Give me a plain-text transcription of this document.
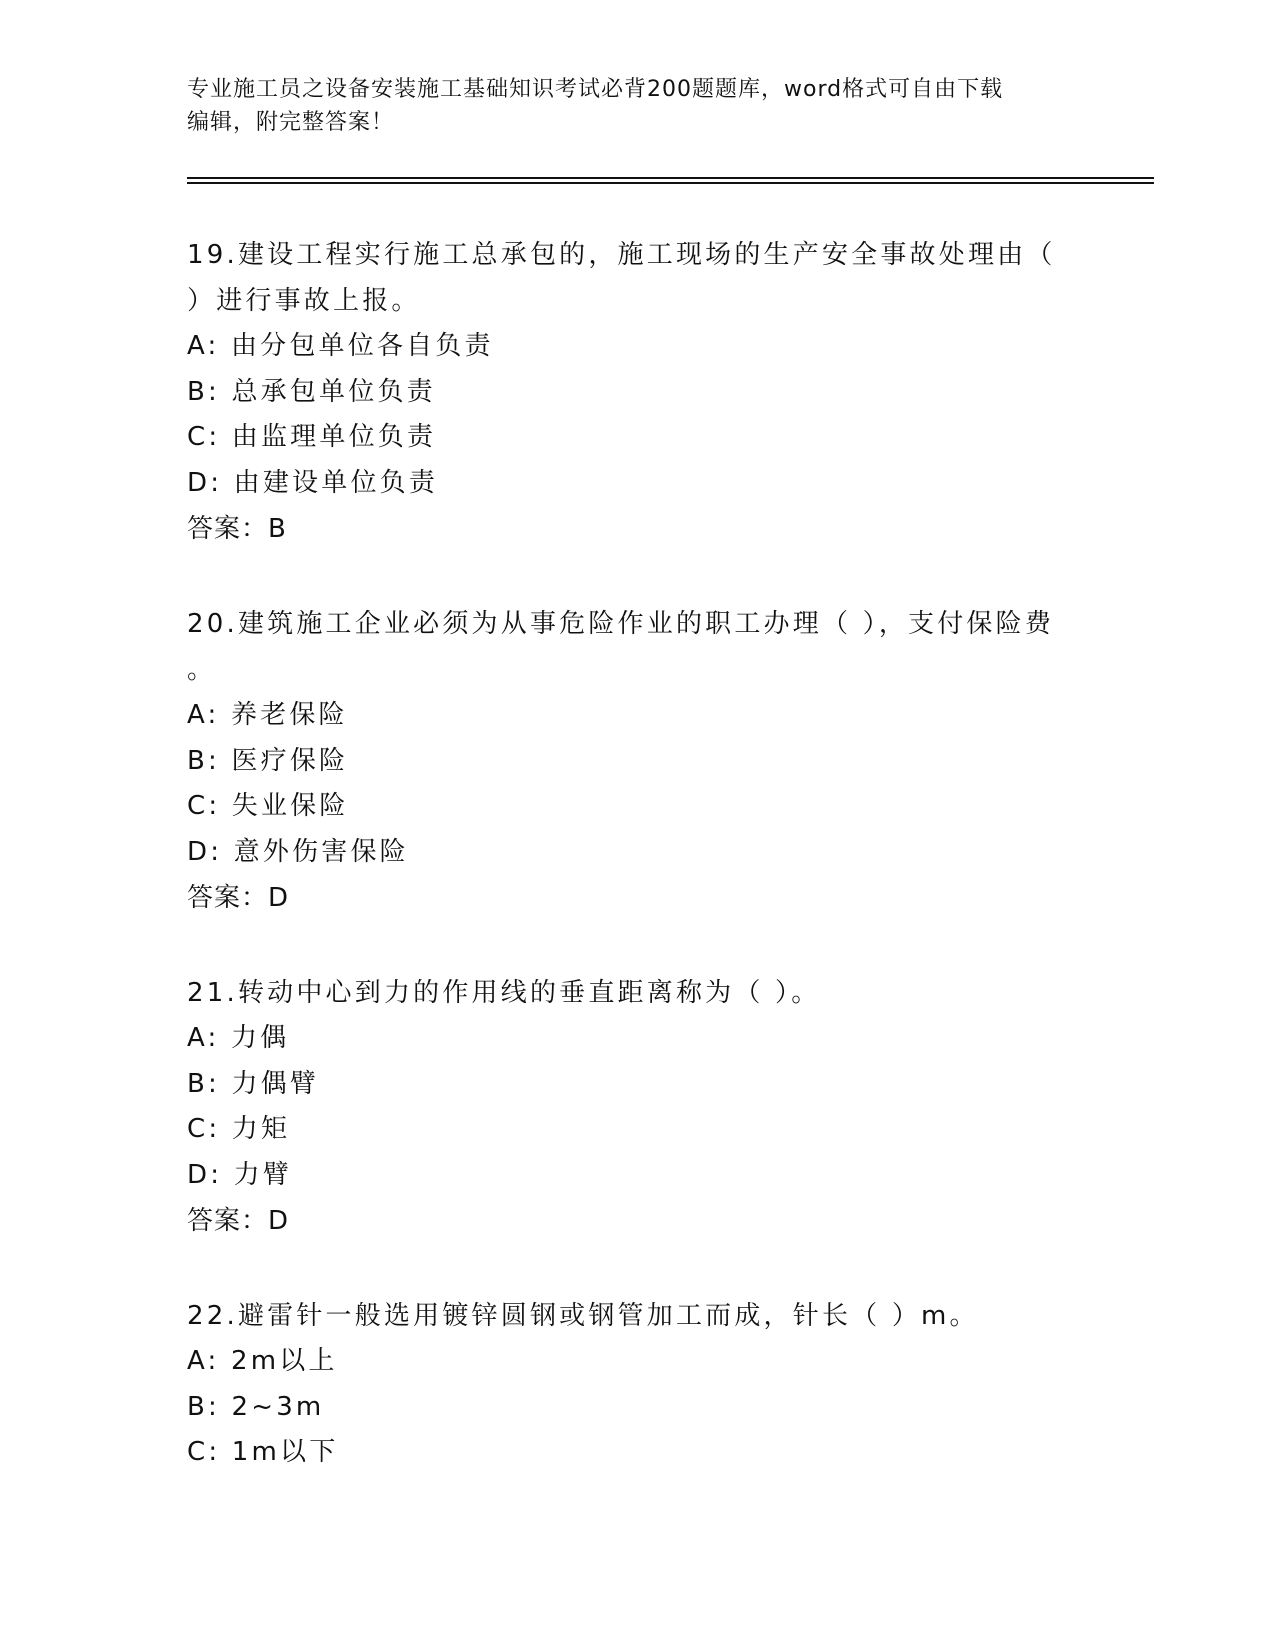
专业施工员之设备安装施工基础知识考试必背200题题库，word格式可自由下载
编辑，附完整答案！
19.建设工程实行施工总承包的，施工现场的生产安全事故处理由（
）进行事故上报。
A: 由分包单位各自负责
B: 总承包单位负责
C: 由监理单位负责
D: 由建设单位负责
答案：B
20.建筑施工企业必须为从事危险作业的职工办理（ ），支付保险费
。
A: 养老保险
B: 医疗保险
C: 失业保险
D: 意外伤害保险
答案：D
21.转动中心到力的作用线的垂直距离称为（ ）。
A: 力偶
B: 力偶臂
C: 力矩
D: 力臂
答案：D
22.避雷针一般选用镀锌圆钢或钢管加工而成，针长（ ）m。
A: 2m以上
B: 2~3m
C: 1m以下
